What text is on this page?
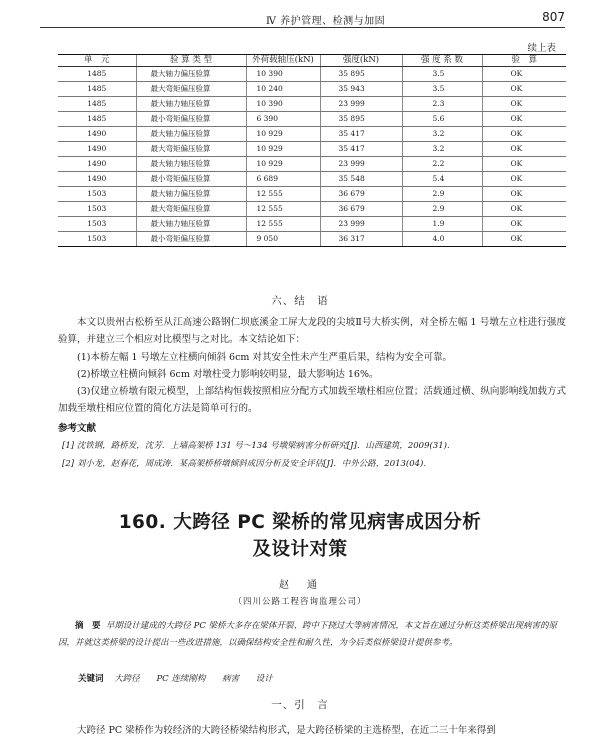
Ⅳ 养护管理、检测与加固	807
续上表
单　元	验 算 类 型	外荷载轴压(kN)	强度(kN)	强 度 系 数	验　算
1485	最大轴力偏压验算	10 390	35 895	3.5	OK
1485	最大弯矩偏压验算	10 240	35 943	3.5	OK
1485	最大轴力轴压验算	10 390	23 999	2.3	OK
1485	最小弯矩偏压验算	6 390	35 895	5.6	OK
1490	最大轴力偏压验算	10 929	35 417	3.2	OK
1490	最大弯矩偏压验算	10 929	35 417	3.2	OK
1490	最大轴力轴压验算	10 929	23 999	2.2	OK
1490	最小弯矩偏压验算	6 689	35 548	5.4	OK
1503	最大轴力偏压验算	12 555	36 679	2.9	OK
1503	最大弯矩偏压验算	12 555	36 679	2.9	OK
1503	最大轴力轴压验算	12 555	23 999	1.9	OK
1503	最小弯矩偏压验算	9 050	36 317	4.0	OK
六、结　语
本文以贵州古松桥至从江高速公路钢仁坝底溪金工屏大龙段的尖坡Ⅱ号大桥实例，对全桥左幅 1 号墩左立柱进行强度验算，并建立三个相应对比模型与之对比。本文结论如下：
(1)本桥左幅 1 号墩左立柱横向倾斜 6cm 对其安全性未产生严重后果，结构为安全可靠。
(2)桥墩立柱横向倾斜 6cm 对墩柱受力影响较明显，最大影响达 16%。
(3)仅建立桥墩有限元模型，上部结构恒载按照相应分配方式加载至墩柱相应位置；活载通过横、纵向影响线加载方式加载至墩柱相应位置的简化方法是简单可行的。
参考文献
[1] 沈铁钢，路桥发，沈芳．上墙高架桥 131 号～134 号墩梁病害分析研究[J]．山西建筑，2009(31)．
[2] 刘小龙，赵春花，周成涛．某高架桥桥墩倾斜成因分析及安全评估[J]．中外公路，2013(04)．
160. 大跨径 PC 梁桥的常见病害成因分析
及设计对策
赵　通
（四川公路工程咨询监理公司）
摘　要 早期设计建成的大跨径 PC 梁桥大多存在梁体开裂、跨中下挠过大等病害情况，本文旨在通过分析这类桥梁出现病害的原因，并就这类桥梁的设计提出一些改进措施，以确保结构安全性和耐久性，为今后类似桥梁设计提供参考。
关键词 大跨径 PC 连续刚构 病害 设计
一、引　言
大跨径 PC 梁桥作为较经济的大跨径桥梁结构形式，是大跨径桥梁的主选桥型，在近二三十年来得到
